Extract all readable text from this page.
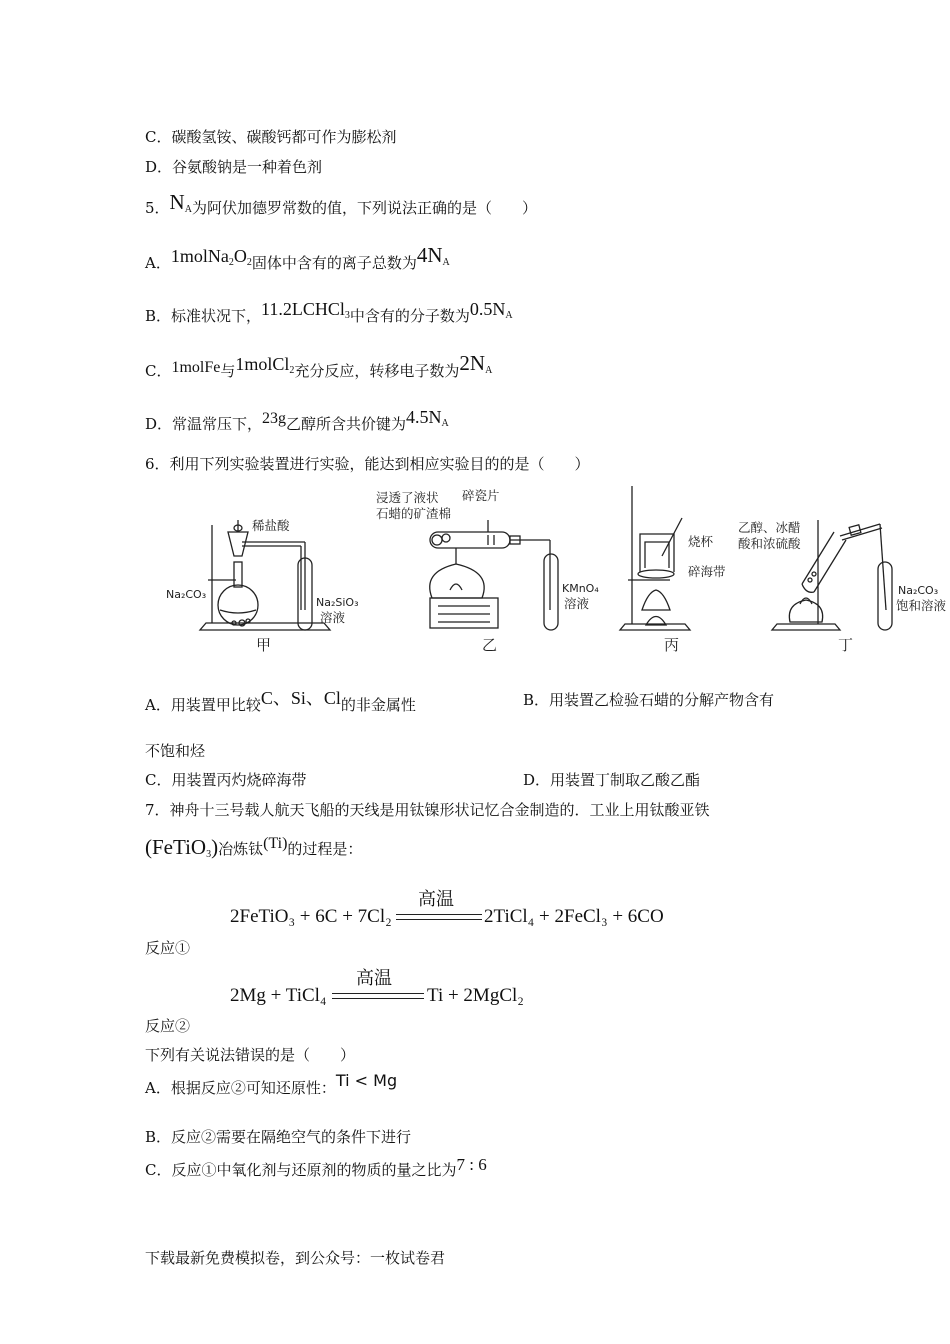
C．碳酸氢铵、碳酸钙都可作为膨松剂
D．谷氨酸钠是一种着色剂
5．$N_A$为阿伏加德罗常数的值，下列说法正确的是（　　）
A．$1molNa_2O_2$固体中含有的离子总数为$4N_A$
B．标准状况下，11.2LCHCl$_3$中含有的分子数为$0.5N_A$
C．1molFe与1molCl$_2$充分反应，转移电子数为$2N_A$
D．常温常压下，23g乙醇所含共价键为$4.5N_A$
6．利用下列实验装置进行实验，能达到相应实验目的的是（　　）
稀盐酸
Na₂CO₃
Na₂SiO₃
溶液
甲
浸透了液状
石蜡的矿渣棉
碎瓷片
KMnO₄
溶液
乙
烧杯
碎海带
丙
乙醇、冰醋
酸和浓硫酸
Na₂CO₃
饱和溶液
丁
A．用装置甲比较C、Si、Cl的非金属性	B．用装置乙检验石蜡的分解产物含有
不饱和烃
C．用装置丙灼烧碎海带	D．用装置丁制取乙酸乙酯
7．神舟十三号载人航天飞船的天线是用钛镍形状记忆合金制造的．工业上用钛酸亚铁
(FeTiO$_3$)冶炼钛(Ti)的过程是：
2FeTiO₃ + 6C + 7Cl₂
高温
2TiCl₄ + 2FeCl₃ + 6CO
反应①
2Mg + TiCl₄
高温
Ti + 2MgCl₂
反应②
下列有关说法错误的是（　　）
A．根据反应②可知还原性：Ti < Mg
B．反应②需要在隔绝空气的条件下进行
C．反应①中氧化剂与还原剂的物质的量之比为7 : 6
下载最新免费模拟卷，到公众号：一枚试卷君
